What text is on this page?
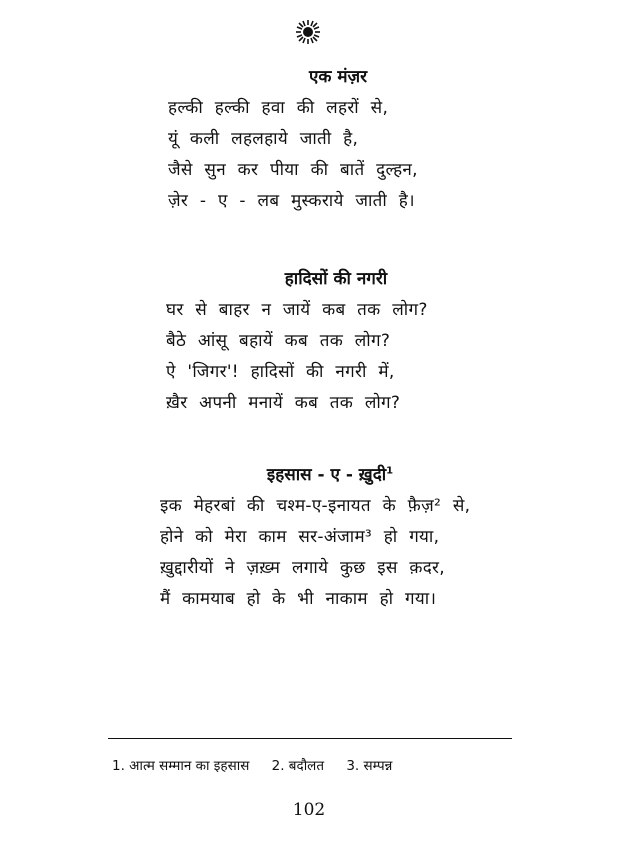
एक मंज़र
हल्की हल्की हवा की लहरों से,
यूं कली लहलहाये जाती है,
जैसे सुन कर पीया की बातें दुल्हन,
ज़ेर - ए - लब मुस्कराये जाती है।
हादिसों की नगरी
घर से बाहर न जायें कब तक लोग?
बैठे आंसू बहायें कब तक लोग?
ऐ 'जिगर'! हादिसों की नगरी में,
ख़ैर अपनी मनायें कब तक लोग?
इहसास - ए - ख़ुदी$^1$
इक मेहरबां की चश्म-ए-इनायत के फ़ैज़² से,
होने को मेरा काम सर-अंजाम³ हो गया,
ख़ुद्दारीयों ने ज़ख़्म लगाये कुछ इस क़दर,
मैं कामयाब हो के भी नाकाम हो गया।
1. आत्म सम्मान का इहसास 2. बदौलत 3. सम्पन्न
102
